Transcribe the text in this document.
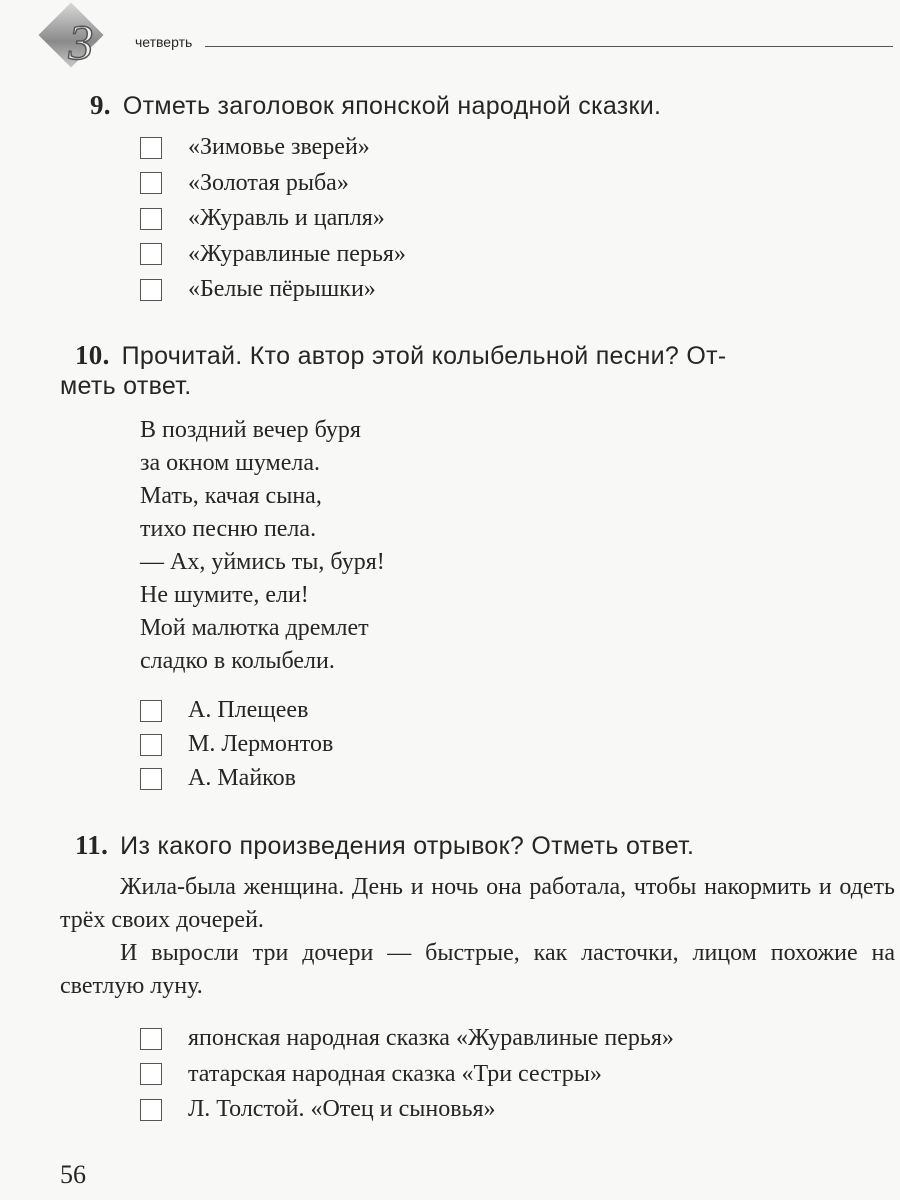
3	четверть
9. Отметь заголовок японской народной сказки.
«Зимовье зверей»
«Золотая рыба»
«Журавль и цапля»
«Журавлиные перья»
«Белые пёрышки»
10. Прочитай. Кто автор этой колыбельной песни? От-
меть ответ.
В поздний вечер буря
за окном шумела.
Мать, качая сына,
тихо песню пела.
— Ах, уймись ты, буря!
Не шумите, ели!
Мой малютка дремлет
сладко в колыбели.
А. Плещеев
М. Лермонтов
А. Майков
11. Из какого произведения отрывок? Отметь ответ.

Жила-была женщина. День и ночь она работала, чтобы накормить и одеть трёх своих дочерей.

И выросли три дочери — быстрые, как ласточки, лицом похожие на светлую луну.

японская народная сказка «Журавлиные перья»
татарская народная сказка «Три сестры»
Л. Толстой. «Отец и сыновья»
56
